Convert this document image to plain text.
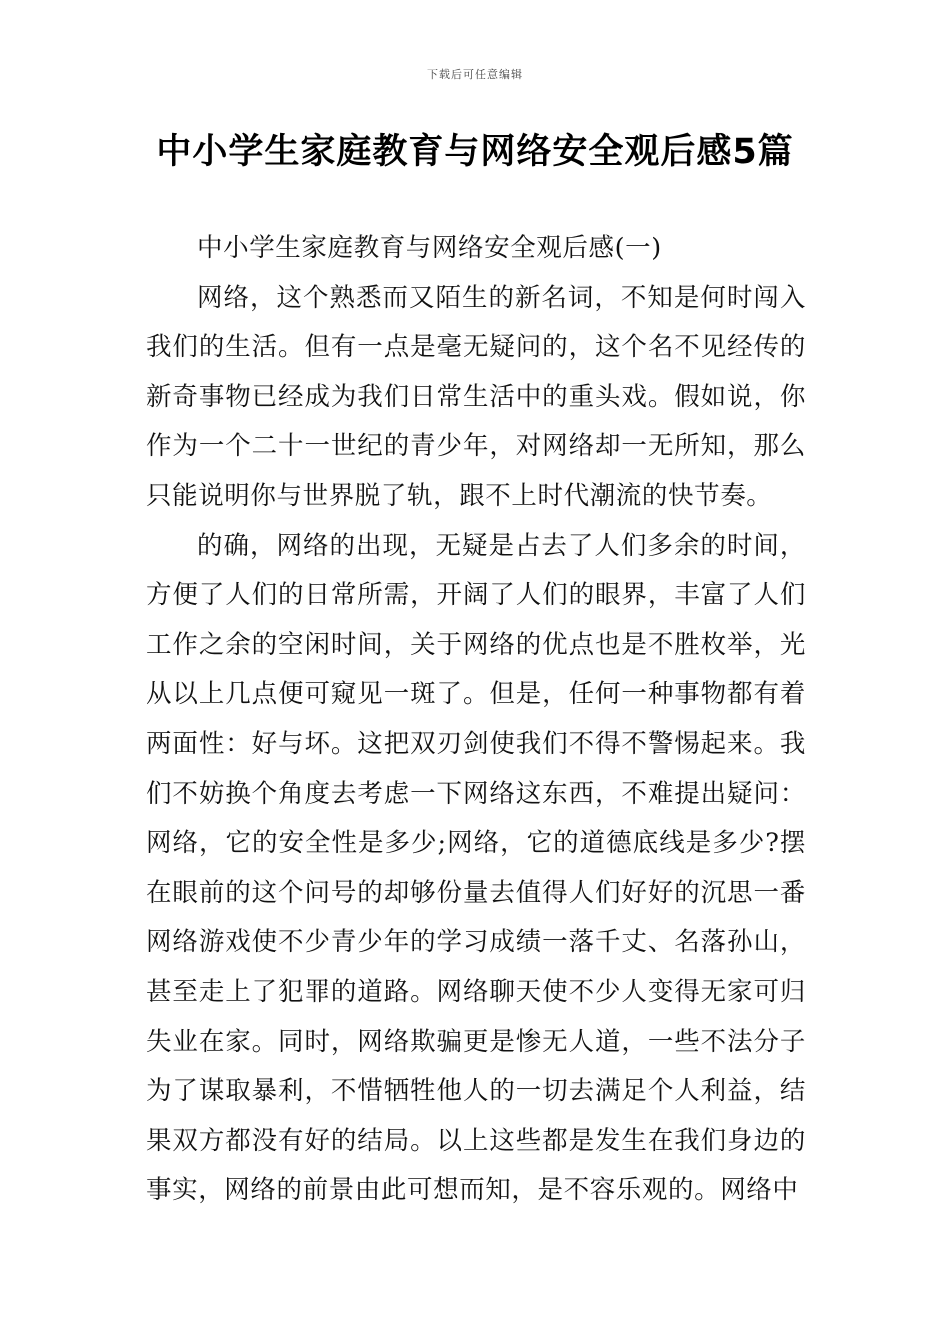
下载后可任意编辑
中小学生家庭教育与网络安全观后感5篇

中小学生家庭教育与网络安全观后感(一)

网络，这个熟悉而又陌生的新名词，不知是何时闯入我们的生活。但有一点是毫无疑问的，这个名不见经传的新奇事物已经成为我们日常生活中的重头戏。假如说，你作为一个二十一世纪的青少年，对网络却一无所知，那么只能说明你与世界脱了轨，跟不上时代潮流的快节奏。

的确，网络的出现，无疑是占去了人们多余的时间，方便了人们的日常所需，开阔了人们的眼界，丰富了人们工作之余的空闲时间，关于网络的优点也是不胜枚举，光从以上几点便可窥见一斑了。但是，任何一种事物都有着两面性：好与坏。这把双刃剑使我们不得不警惕起来。我们不妨换个角度去考虑一下网络这东西，不难提出疑问：网络，它的安全性是多少;网络，它的道德底线是多少?摆在眼前的这个问号的却够份量去值得人们好好的沉思一番网络游戏使不少青少年的学习成绩一落千丈、名落孙山，甚至走上了犯罪的道路。网络聊天使不少人变得无家可归失业在家。同时，网络欺骗更是惨无人道，一些不法分子为了谋取暴利，不惜牺牲他人的一切去满足个人利益，结果双方都没有好的结局。以上这些都是发生在我们身边的事实，网络的前景由此可想而知，是不容乐观的。网络中
